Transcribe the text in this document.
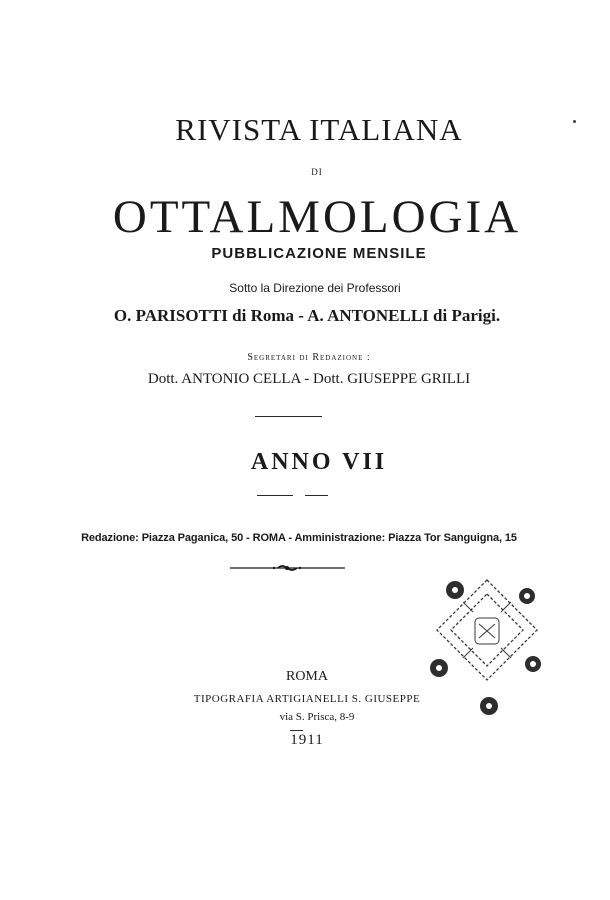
RIVISTA ITALIANA

DI

OTTALMOLOGIA

PUBBLICAZIONE MENSILE

Sotto la Direzione dei Professori

O. PARISOTTI di Roma - A. ANTONELLI di Parigi.

Segretari di Redazione :

Dott. ANTONIO CELLA - Dott. GIUSEPPE GRILLI

ANNO VII

Redazione: Piazza Paganica, 50 - ROMA - Amministrazione: Piazza Tor Sanguigna, 15

ROMA

TIPOGRAFIA ARTIGIANELLI S. GIUSEPPE

via S. Prisca, 8-9

1911
